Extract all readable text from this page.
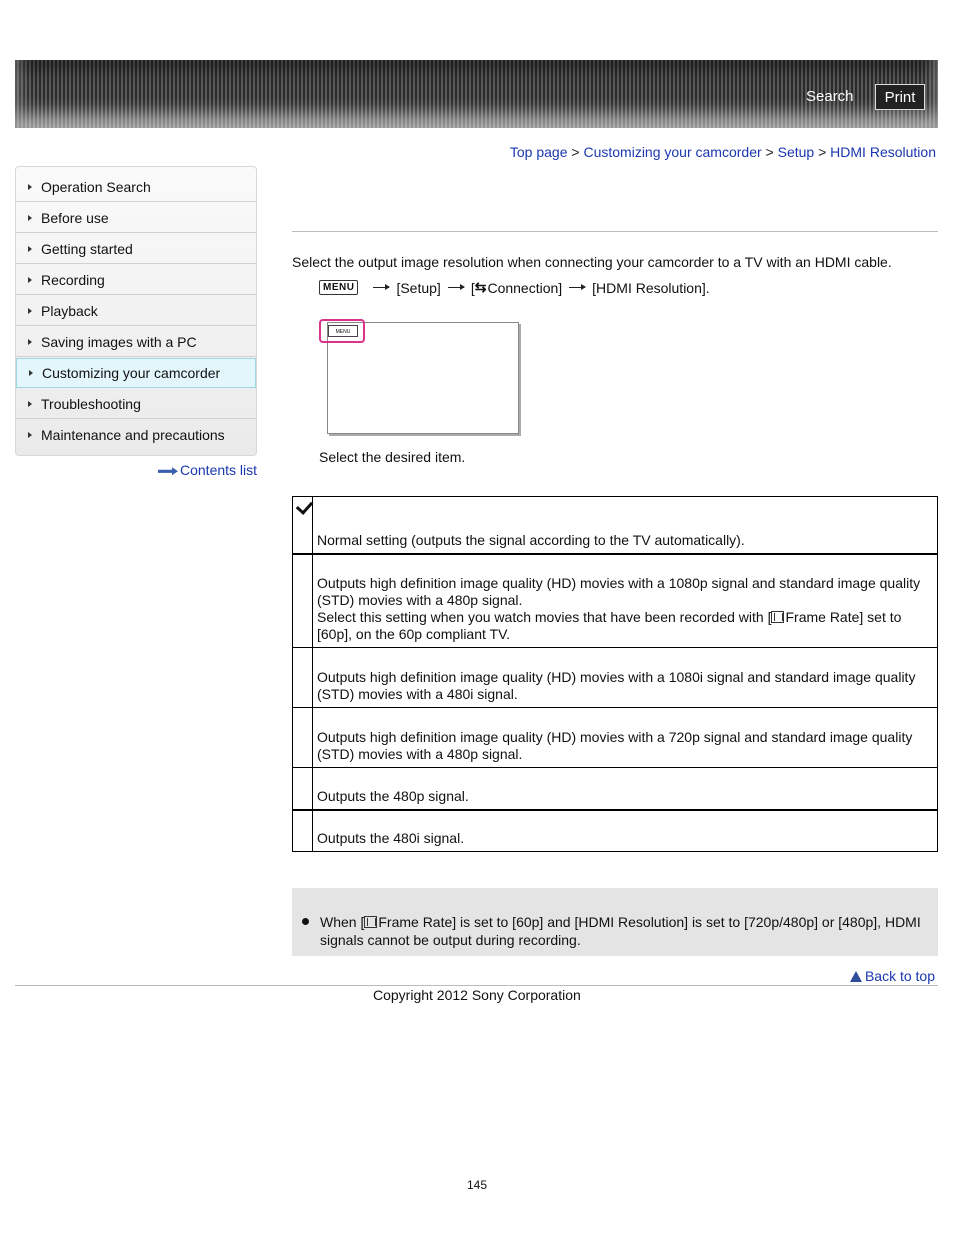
Search	Print
Top page > Customizing your camcorder > Setup > HDMI Resolution
Operation Search
Before use
Getting started
Recording
Playback
Saving images with a PC
Customizing your camcorder
Troubleshooting
Maintenance and precautions
Contents list
Select the output image resolution when connecting your camcorder to a TV with an HDMI cable.
MENU	[Setup] [ ⇆ Connection] [HDMI Resolution].
MENU
Select the desired item.
	Normal setting (outputs the signal according to the TV automatically).
	Outputs high definition image quality (HD) movies with a 1080p signal and standard image quality (STD) movies with a 480p signal.
Select this setting when you watch movies that have been recorded with [ Frame Rate] set to [60p], on the 60p compliant TV.
	Outputs high definition image quality (HD) movies with a 1080i signal and standard image quality (STD) movies with a 480i signal.
	Outputs high definition image quality (HD) movies with a 720p signal and standard image quality (STD) movies with a 480p signal.
	Outputs the 480p signal.
	Outputs the 480i signal.
When [ Frame Rate] is set to [60p] and [HDMI Resolution] is set to [720p/480p] or [480p], HDMI signals cannot be output during recording.
Back to top
Copyright 2012 Sony Corporation
145
